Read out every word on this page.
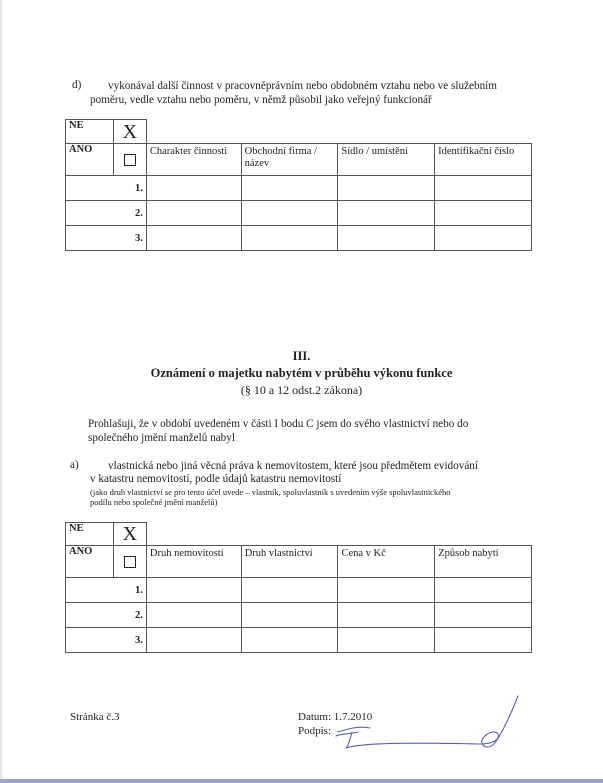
d) vykonával další činnost v pracovněprávním nebo obdobném vztahu nebo ve služebním
poměru, vedle vztahu nebo poměru, v němž působil jako veřejný funkcionář
NE	X				
ANO		Charakter činnosti	Obchodní firma / název	Sídlo / umístění	Identifikační číslo
1.					
2.					
3.					
III.
Oznámení o majetku nabytém v průběhu výkonu funkce
(§ 10 a 12 odst.2 zákona)
Prohlašuji, že v období uvedeném v části I bodu C jsem do svého vlastnictví nebo do
společného jmění manželů nabyl
a)	vlastnická nebo jiná věcná práva k nemovitostem, které jsou předmětem evidování
v katastru nemovitostí, podle údajů katastru nemovitostí
(jako druh vlastnictví se pro tento účel uvede – vlastník, spoluvlastník s uvedením výše spoluvlastnického
podílu nebo společné jmění manželů)
NE	X				
ANO		Druh nemovitosti	Druh vlastnictví	Cena v Kč	Způsob nabytí
1.					
2.					
3.					
Stránka č.3	Datum: 1.7.2010
Podpis:
